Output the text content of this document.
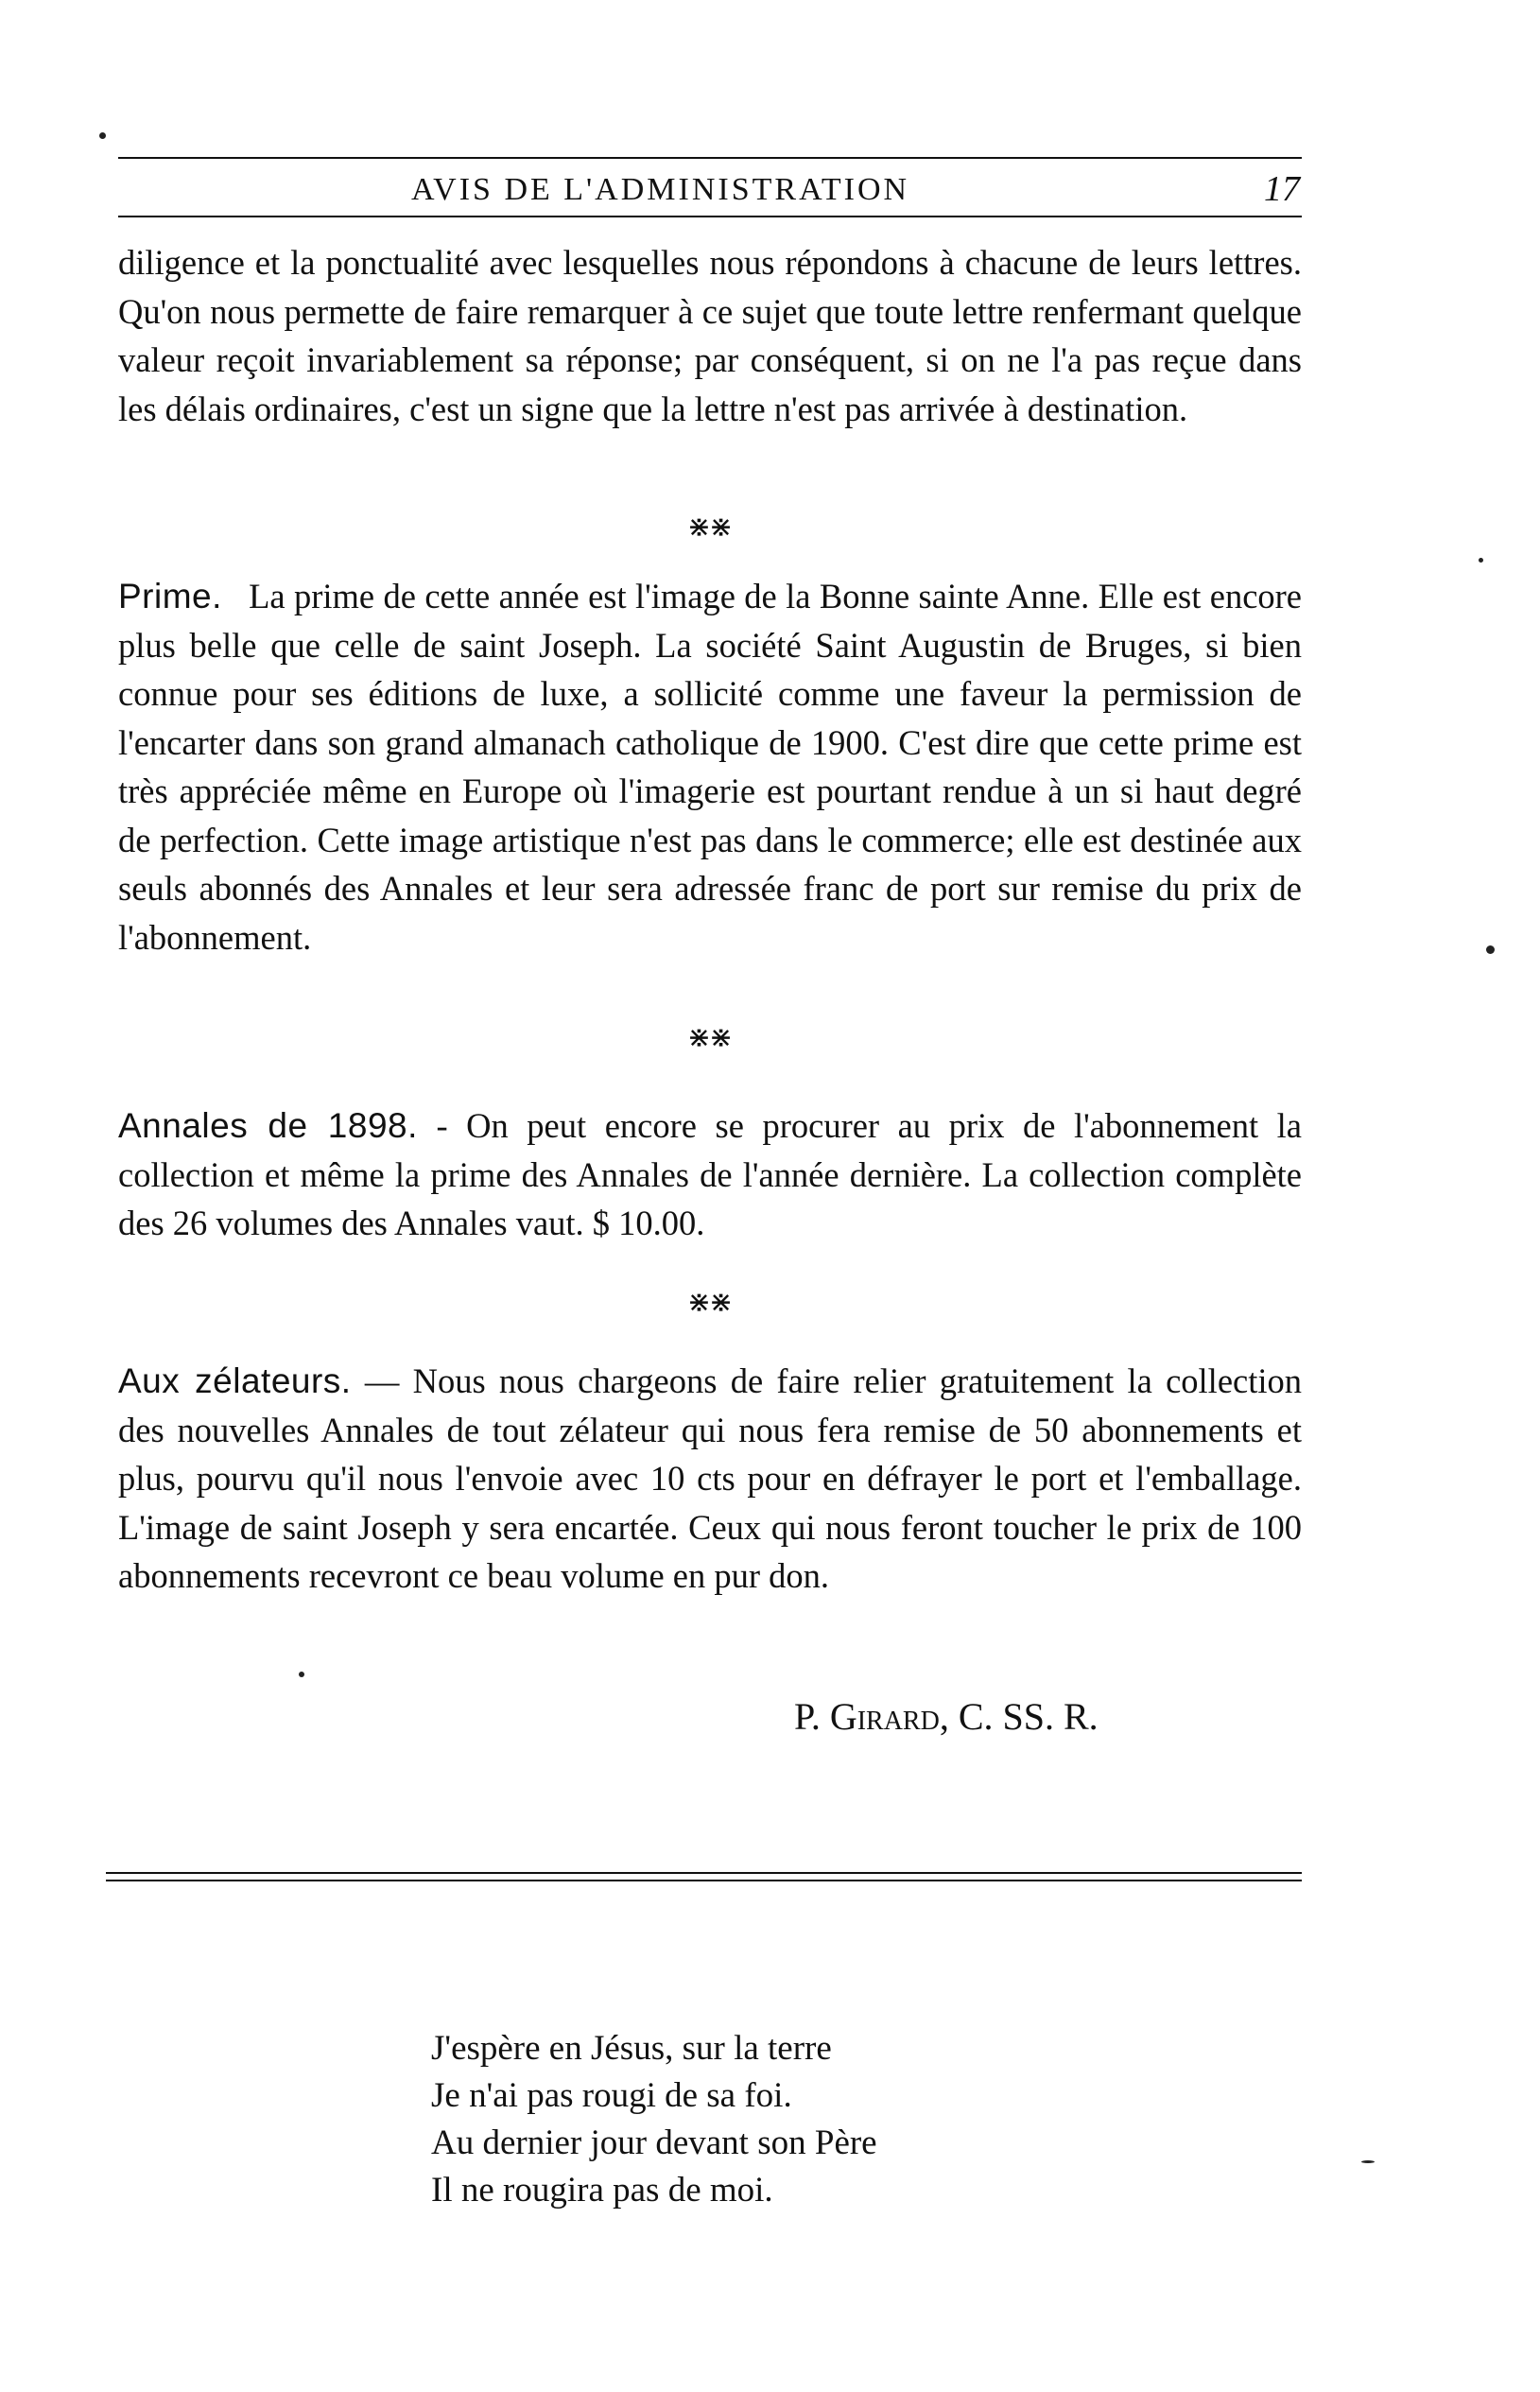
AVIS DE L'ADMINISTRATION	17

diligence et la ponctualité avec lesquelles nous répondons à chacune de leurs lettres. Qu'on nous permette de faire remarquer à ce sujet que toute lettre renfermant quelque valeur reçoit invariablement sa réponse; par conséquent, si on ne l'a pas reçue dans les délais ordinaires, c'est un signe que la lettre n'est pas arrivée à destination.

⋇⋇

Prime. La prime de cette année est l'image de la Bonne sainte Anne. Elle est encore plus belle que celle de saint Joseph. La société Saint Augustin de Bruges, si bien connue pour ses éditions de luxe, a sollicité comme une faveur la permission de l'encarter dans son grand almanach catholique de 1900. C'est dire que cette prime est très appréciée même en Europe où l'imagerie est pourtant rendue à un si haut degré de perfection. Cette image artistique n'est pas dans le commerce; elle est destinée aux seuls abonnés des Annales et leur sera adressée franc de port sur remise du prix de l'abonnement.

⋇⋇

Annales de 1898. - On peut encore se procurer au prix de l'abonnement la collection et même la prime des Annales de l'année dernière. La collection complète des 26 volumes des Annales vaut. $ 10.00.

⋇⋇

Aux zélateurs. — Nous nous chargeons de faire relier gratuitement la collection des nouvelles Annales de tout zélateur qui nous fera remise de 50 abonnements et plus, pourvu qu'il nous l'envoie avec 10 cts pour en défrayer le port et l'emballage. L'image de saint Joseph y sera encartée. Ceux qui nous feront toucher le prix de 100 abonnements recevront ce beau volume en pur don.

P. Girard, C. SS. R.
J'espère en Jésus, sur la terre
Je n'ai pas rougi de sa foi.
Au dernier jour devant son Père
Il ne rougira pas de moi.
